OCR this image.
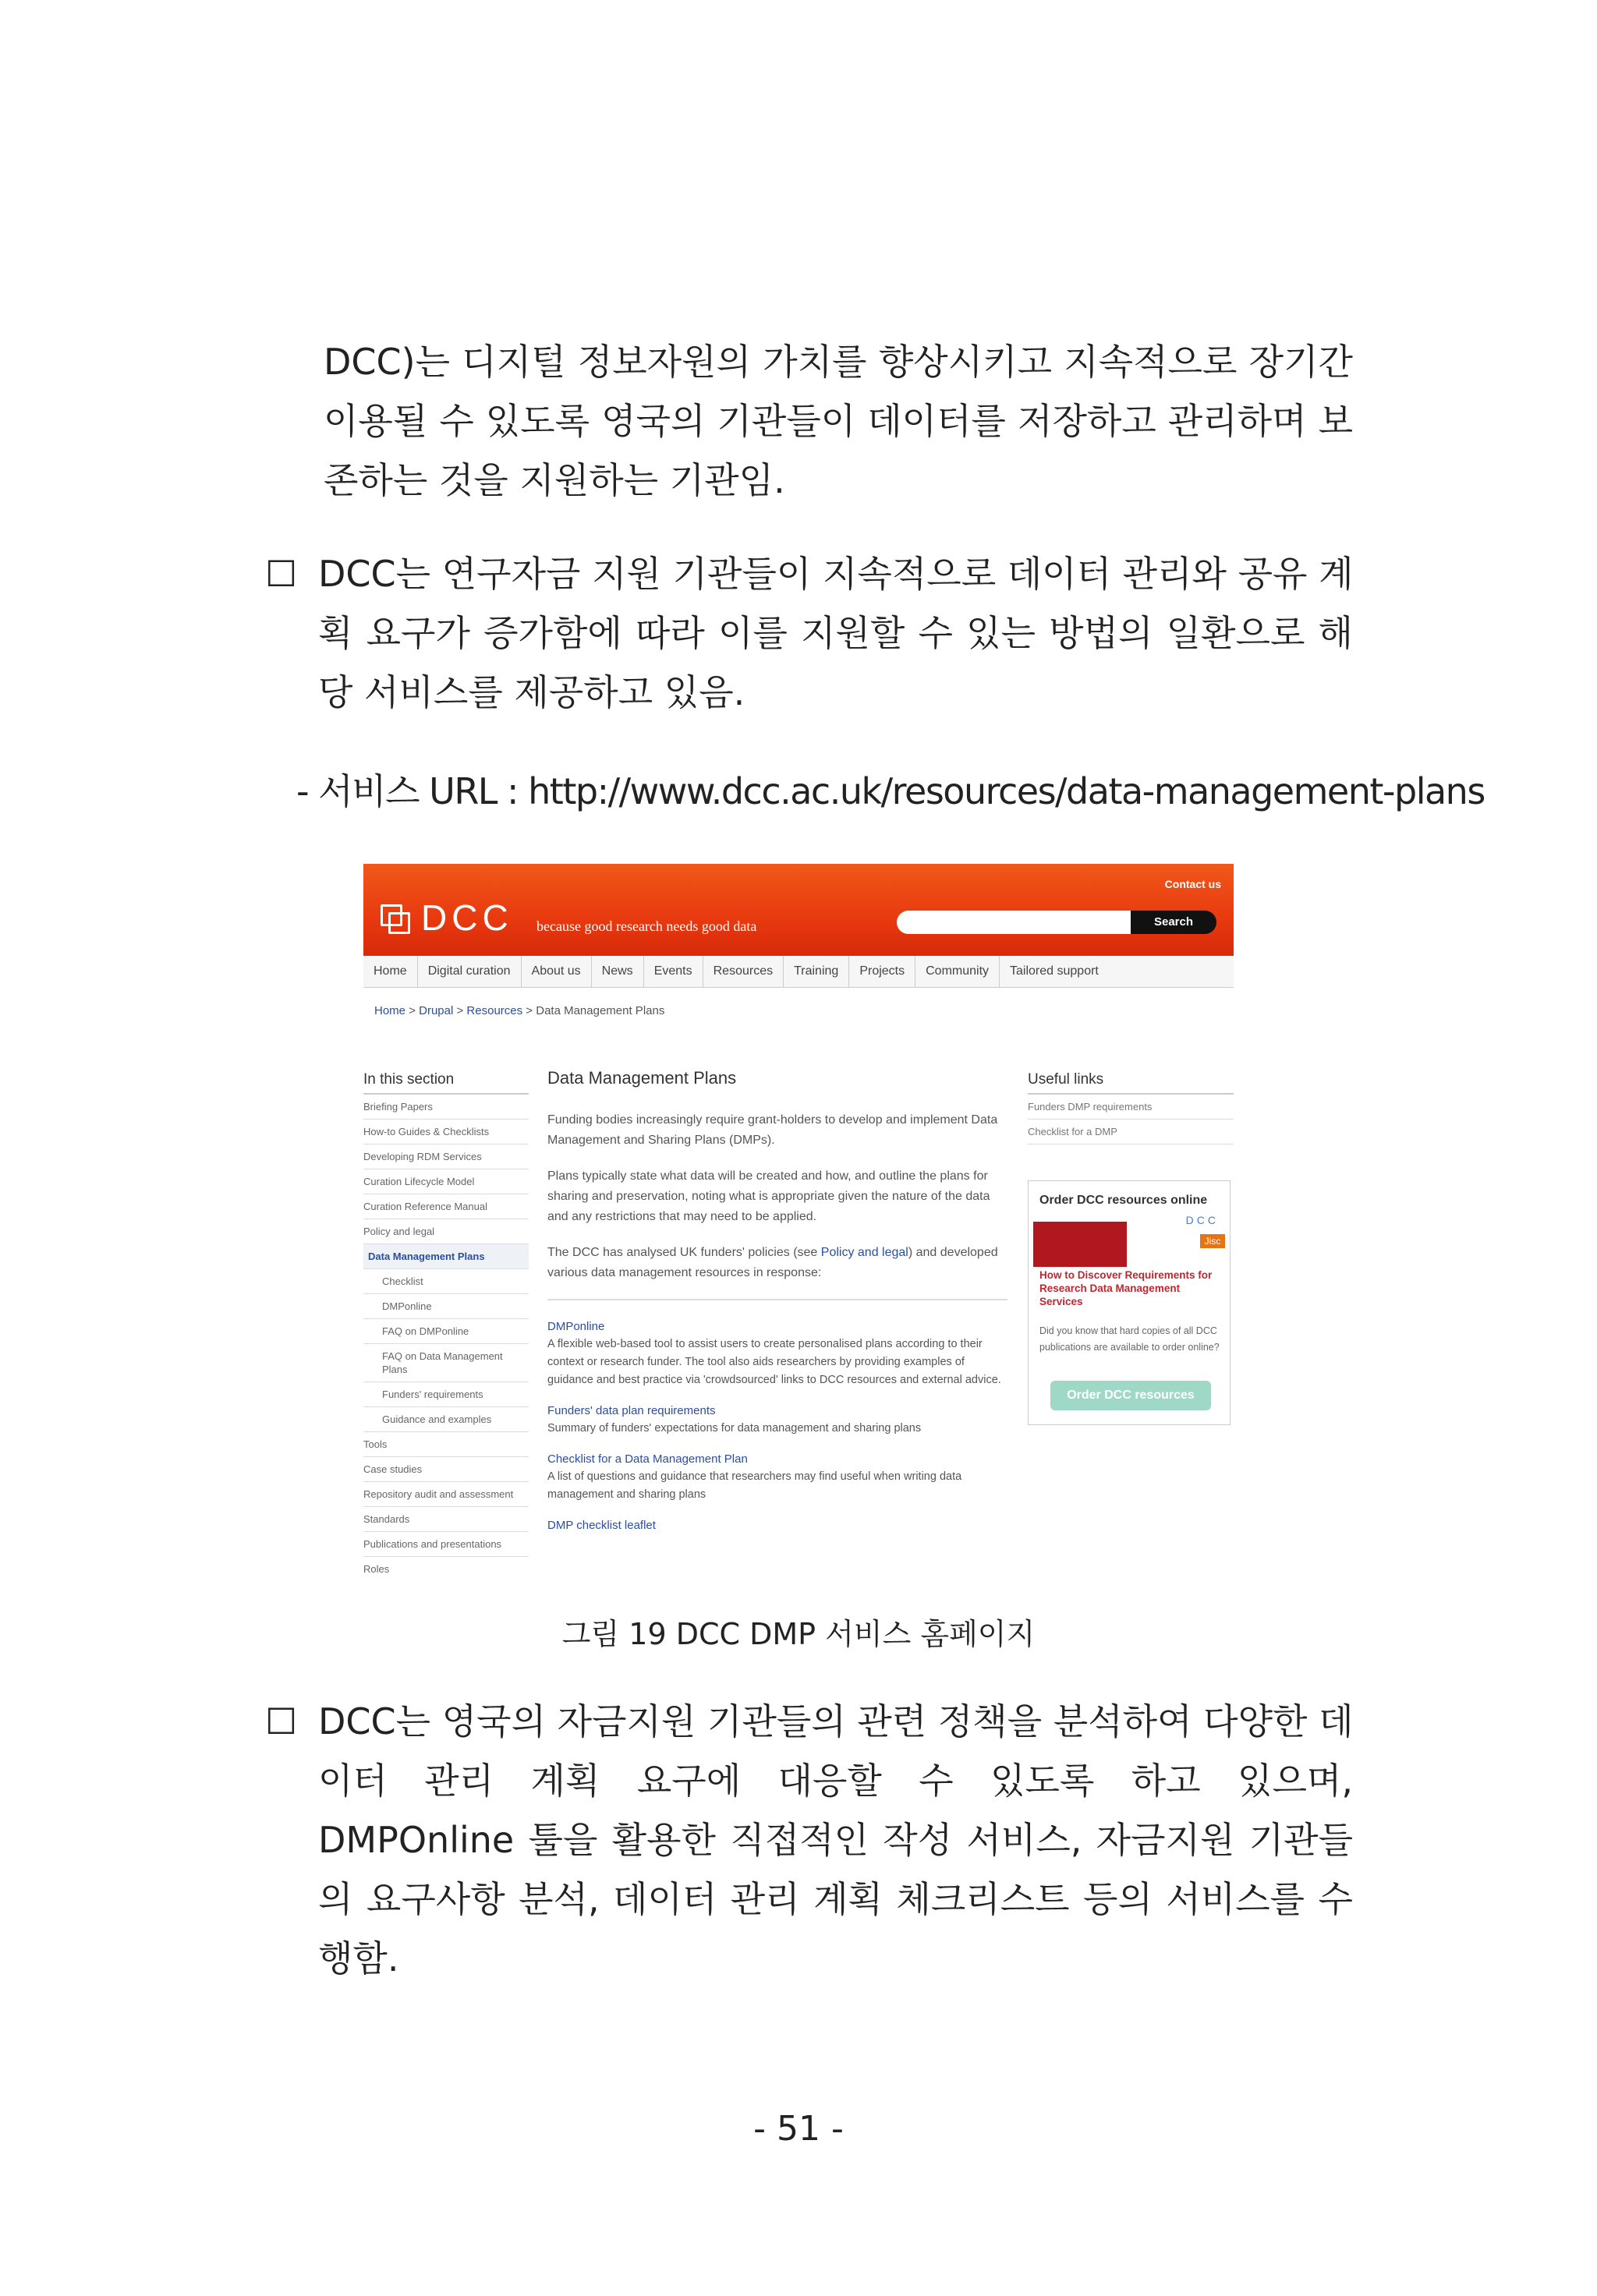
DCC)는 디지털 정보자원의 가치를 향상시키고 지속적으로 장기간
이용될 수 있도록 영국의 기관들이 데이터를 저장하고 관리하며 보
존하는 것을 지원하는 기관임.
☐ DCC는 연구자금 지원 기관들이 지속적으로 데이터 관리와 공유 계
획 요구가 증가함에 따라 이를 지원할 수 있는 방법의 일환으로 해
당 서비스를 제공하고 있음.
- 서비스 URL : http://www.dcc.ac.uk/resources/data-management-plans
Contact us
DCC because good research needs good data	Search
Home	Digital curation	About us	News	Events	Resources	Training	Projects	Community	Tailored support
Home > Drupal > Resources > Data Management Plans
In this section
Briefing Papers
How-to Guides & Checklists
Developing RDM Services
Curation Lifecycle Model
Curation Reference Manual
Policy and legal
Data Management Plans
Checklist
DMPonline
FAQ on DMPonline
FAQ on Data Management Plans
Funders' requirements
Guidance and examples
Tools
Case studies
Repository audit and assessment
Standards
Publications and presentations
Roles
Data Management Plans

Funding bodies increasingly require grant-holders to develop and implement Data Management and Sharing Plans (DMPs).

Plans typically state what data will be created and how, and outline the plans for sharing and preservation, noting what is appropriate given the nature of the data and any restrictions that may need to be applied.

The DCC has analysed UK funders' policies (see Policy and legal) and developed various data management resources in response:

DMPonline
A flexible web-based tool to assist users to create personalised plans according to their context or research funder. The tool also aids researchers by providing examples of guidance and best practice via 'crowdsourced' links to DCC resources and external advice.
Funders' data plan requirements
Summary of funders' expectations for data management and sharing plans
Checklist for a Data Management Plan
A list of questions and guidance that researchers may find useful when writing data management and sharing plans
DMP checklist leaflet
Useful links
Funders DMP requirements
Checklist for a DMP
Order DCC resources online
DCC
Jisc
How to Discover Requirements for Research Data Management Services
Did you know that hard copies of all DCC publications are available to order online?
Order DCC resources
그림 19 DCC DMP 서비스 홈페이지
☐ DCC는 영국의 자금지원 기관들의 관련 정책을 분석하여 다양한 데
이터 관리 계획 요구에 대응할 수 있도록 하고 있으며,
DMPOnline 툴을 활용한 직접적인 작성 서비스, 자금지원 기관들
의 요구사항 분석, 데이터 관리 계획 체크리스트 등의 서비스를 수
행함.
- 51 -
